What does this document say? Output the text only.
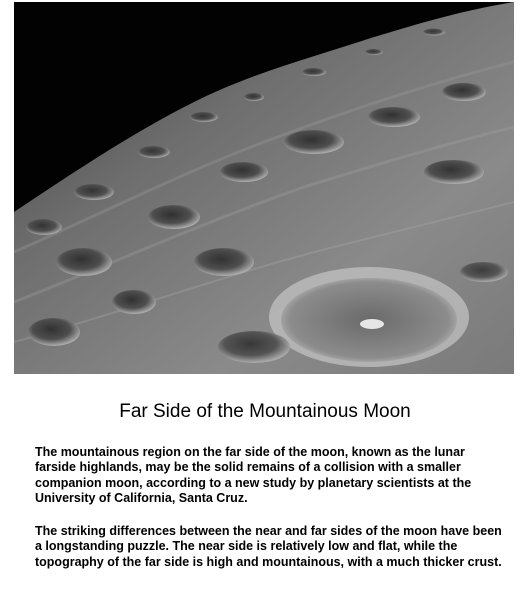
Far Side of the Mountainous Moon

The mountainous region on the far side of the moon, known as the lunar farside highlands, may be the solid remains of a collision with a smaller companion moon, according to a new study by planetary scientists at the University of California, Santa Cruz.

The striking differences between the near and far sides of the moon have been a longstanding puzzle. The near side is relatively low and flat, while the topography of the far side is high and mountainous, with a much thicker crust.
